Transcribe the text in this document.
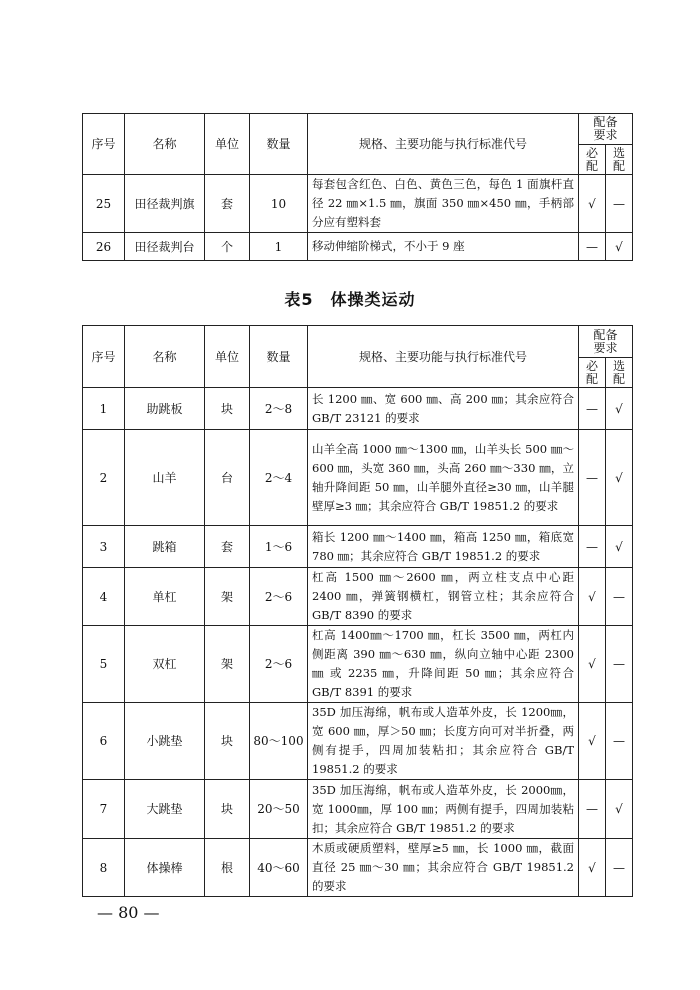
序号	名称	单位	数量	规格、主要功能与执行标准代号	配备要求	
					必配	选配
25	田径裁判旗	套	10	每套包含红色、白色、黄色三色，每色 1 面旗杆直径 22 ㎜×1.5 ㎜，旗面 350 ㎜×450 ㎜，手柄部分应有塑料套	√	—
26	田径裁判台	个	1	移动伸缩阶梯式，不小于 9 座	—	√
表5　体操类运动
序号	名称	单位	数量	规格、主要功能与执行标准代号	配备要求	
					必配	选配
1	助跳板	块	2～8	长 1200 ㎜、宽 600 ㎜、高 200 ㎜；其余应符合 GB/T 23121 的要求	—	√
2	山羊	台	2～4	山羊全高 1000 ㎜～1300 ㎜，山羊头长 500 ㎜～600 ㎜，头宽 360 ㎜，头高 260 ㎜～330 ㎜，立轴升降间距 50 ㎜，山羊腿外直径≥30 ㎜，山羊腿壁厚≥3 ㎜；其余应符合 GB/T 19851.2 的要求	—	√
3	跳箱	套	1～6	箱长 1200 ㎜～1400 ㎜，箱高 1250 ㎜，箱底宽 780 ㎜；其余应符合 GB/T 19851.2 的要求	—	√
4	单杠	架	2～6	杠高 1500 ㎜～2600 ㎜，两立柱支点中心距 2400 ㎜，弹簧钢横杠，钢管立柱；其余应符合 GB/T 8390 的要求	√	—
5	双杠	架	2～6	杠高 1400㎜～1700 ㎜，杠长 3500 ㎜，两杠内侧距离 390 ㎜～630 ㎜，纵向立轴中心距 2300 ㎜ 或 2235 ㎜，升降间距 50 ㎜；其余应符合 GB/T 8391 的要求	√	—
6	小跳垫	块	80～100	35D 加压海绵，帆布或人造革外皮，长 1200㎜，宽 600 ㎜，厚＞50 ㎜；长度方向可对半折叠，两侧有提手，四周加装粘扣；其余应符合 GB/T 19851.2 的要求	√	—
7	大跳垫	块	20～50	35D 加压海绵，帆布或人造革外皮，长 2000㎜，宽 1000㎜，厚 100 ㎜；两侧有提手，四周加装粘扣；其余应符合 GB/T 19851.2 的要求	—	√
8	体操棒	根	40～60	木质或硬质塑料，壁厚≥5 ㎜，长 1000 ㎜，截面直径 25 ㎜～30 ㎜；其余应符合 GB/T 19851.2 的要求	√	—
— 80 —
